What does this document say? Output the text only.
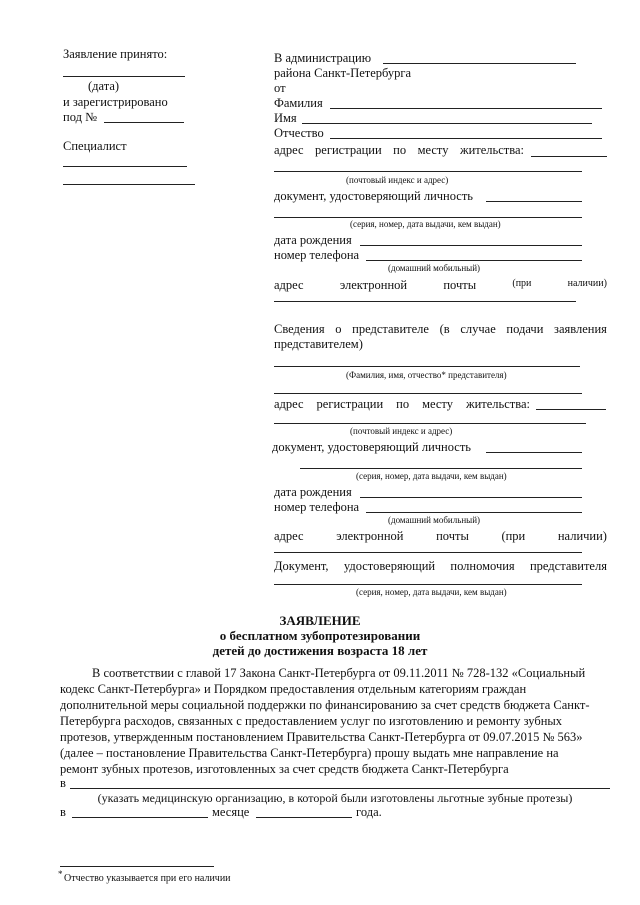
Заявление принято:
(дата)
и зарегистрировано
под №
Специалист
В администрацию
района Санкт-Петербурга
от
Фамилия
Имя
Отчество
адрес регистрации по месту жительства:
(почтовый индекс и адрес)
документ, удостоверяющий личность
(серия, номер, дата выдачи, кем выдан)
дата рождения
номер телефона
(домашний мобильный)
адрес	электронной	почты	(при	наличии)
Сведения о представителе (в случае подачи заявления
представителем)
(Фамилия, имя, отчество* представителя)
адрес регистрации по месту жительства:
(почтовый индекс и адрес)
документ, удостоверяющий личность
(серия, номер, дата выдачи, кем выдан)
дата рождения
номер телефона
(домашний мобильный)
адрес	электронной	почты	(при	наличии)
Документ, удостоверяющий полномочия представителя
(серия, номер, дата выдачи, кем выдан)
ЗАЯВЛЕНИЕ
о бесплатном зубопротезировании
детей до достижения возраста 18 лет
В соответствии с главой 17 Закона Санкт-Петербурга от 09.11.2011 № 728-132 «Социальный
кодекс Санкт-Петербурга» и Порядком предоставления отдельным категориям граждан
дополнительной меры социальной поддержки по финансированию за счет средств бюджета Санкт-
Петербурга расходов, связанных с предоставлением услуг по изготовлению и ремонту зубных
протезов, утвержденным постановлением Правительства Санкт-Петербурга от 09.07.2015 № 563»
(далее – постановление Правительства Санкт-Петербурга) прошу выдать мне направление на
ремонт зубных протезов, изготовленных за счет средств бюджета Санкт-Петербурга
в
(указать медицинскую организацию, в которой были изготовлены льготные зубные протезы)
в	месяце	года.
* Отчество указывается при его наличии
